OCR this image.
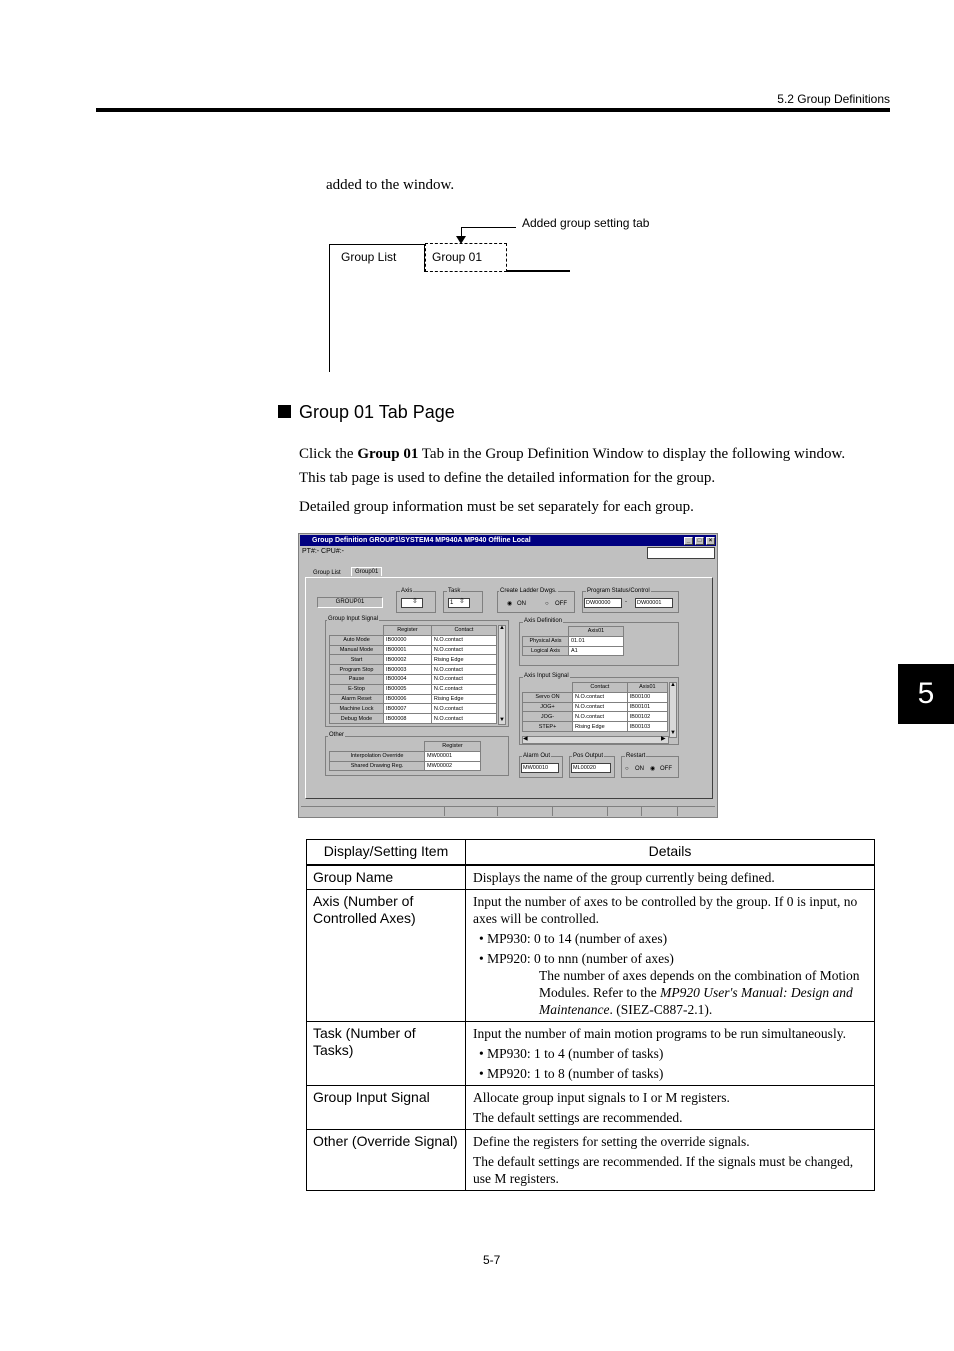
5.2 Group Definitions
5
added to the window.
Added group setting tab
Group List	Group 01
Group 01 Tab Page
Click the Group 01 Tab in the Group Definition Window to display the following window.
This tab page is used to define the detailed information for the group.
Detailed group information must be set separately for each group.
Group Definition GROUP1\SYSTEM4 MP940A MP940 Offline Local	_	□	×
PT#:- CPU#:-
Group List	Group01
GROUP01
Axis
⇳
Task
1 ⇳
Create Ladder Dwgs.
◉ ON	○ OFF
Program Status/Control
DW00000	-	DW00001
Group Input Signal
	Register	Contact
Auto Mode	IB00000	N.O.contact
Manual Mode	IB00001	N.O.contact
Start	IB00002	Rising Edge
Program Stop	IB00003	N.O.contact
Pause	IB00004	N.O.contact
E-Stop	IB00005	N.C.contact
Alarm Reset	IB00006	Rising Edge
Machine Lock	IB00007	N.O.contact
Debug Mode	IB00008	N.O.contact
▲
▼
Other
	Register
Interpolation Override	MW00001
Shared Drawing Reg.	MW00002
Axis Definition
	Axis01
Physical Axis	01.01
Logical Axis	A1
Axis Input Signal
	Contact	Axis01
Servo ON	N.O.contact	IB00100
JOG+	N.O.contact	IB00101
JOG-	N.O.contact	IB00102
STEP+	Rising Edge	IB00103
▲
▼
◀	▶
Alarm Out
MW00010
Pos Output
ML00020
Restart
○ ON ◉ OFF
Display/Setting Item	Details
Group Name	Displays the name of the group currently being defined.
Axis (Number of Controlled Axes)	Input the number of axes to be controlled by the group. If 0 is input, no axes will be controlled.
• MP930: 0 to 14 (number of axes)
• MP920: 0 to nnn (number of axes)
The number of axes depends on the combination of Motion Modules. Refer to the MP920 User's Manual: Design and Maintenance. (SIEZ-C887-2.1).

Task (Number of Tasks)	Input the number of main motion programs to be run simultaneously.
• MP930: 1 to 4 (number of tasks)
• MP920: 1 to 8 (number of tasks)

Group Input Signal	Allocate group input signals to I or M registers.
The default settings are recommended.

Other (Override Signal)	Define the registers for setting the override signals.
The default settings are recommended. If the signals must be changed, use M registers.
5-7
